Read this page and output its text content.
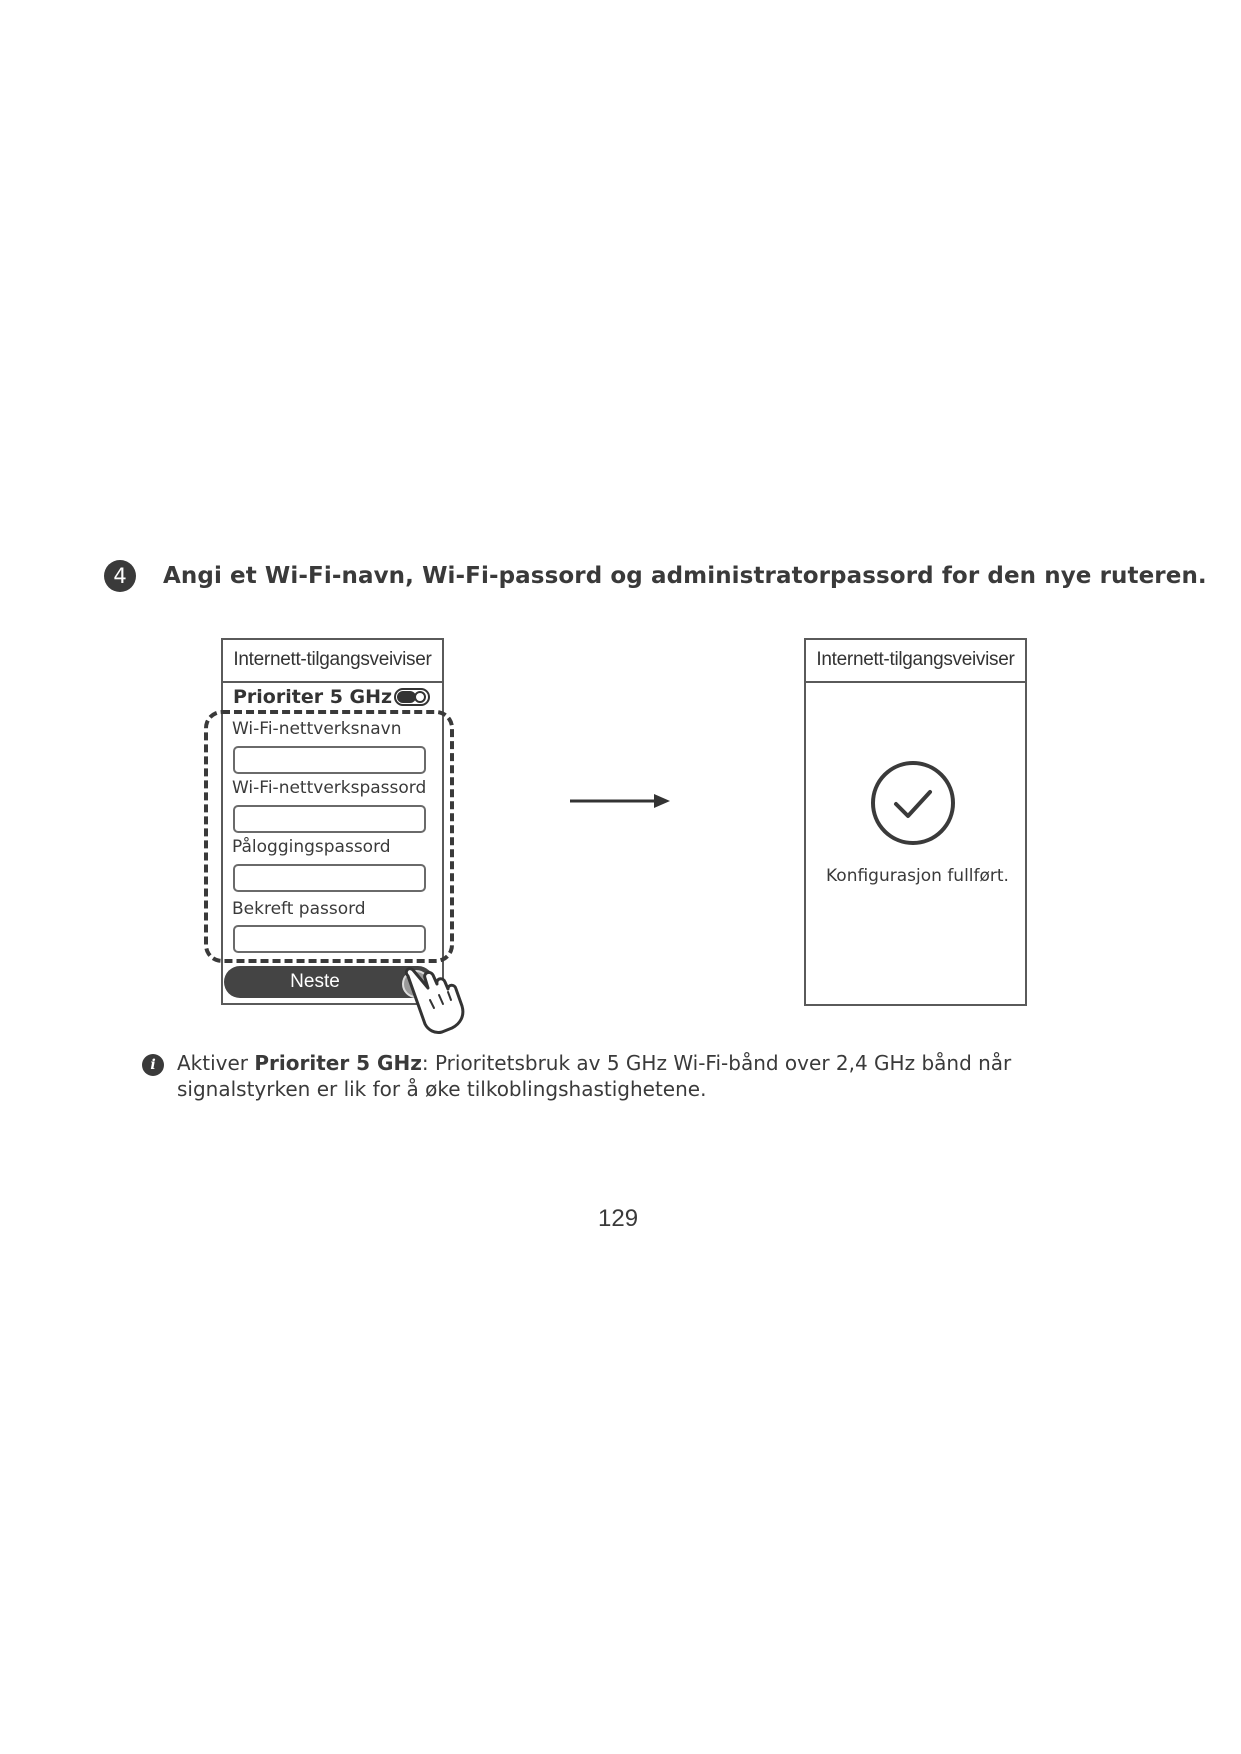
4	Angi et Wi-Fi-navn, Wi-Fi-passord og administratorpassord for den nye ruteren.
Internett-tilgangsveiviser
Prioriter 5 GHz
Wi-Fi-nettverksnavn
Wi-Fi-nettverkspassord
Påloggingspassord
Bekreft passord
Neste
Internett-tilgangsveiviser
Konfigurasjon fullført.
i	Aktiver Prioriter 5 GHz: Prioritetsbruk av 5 GHz Wi-Fi-bånd over 2,4 GHz bånd når
signalstyrken er lik for å øke tilkoblingshastighetene.
129
